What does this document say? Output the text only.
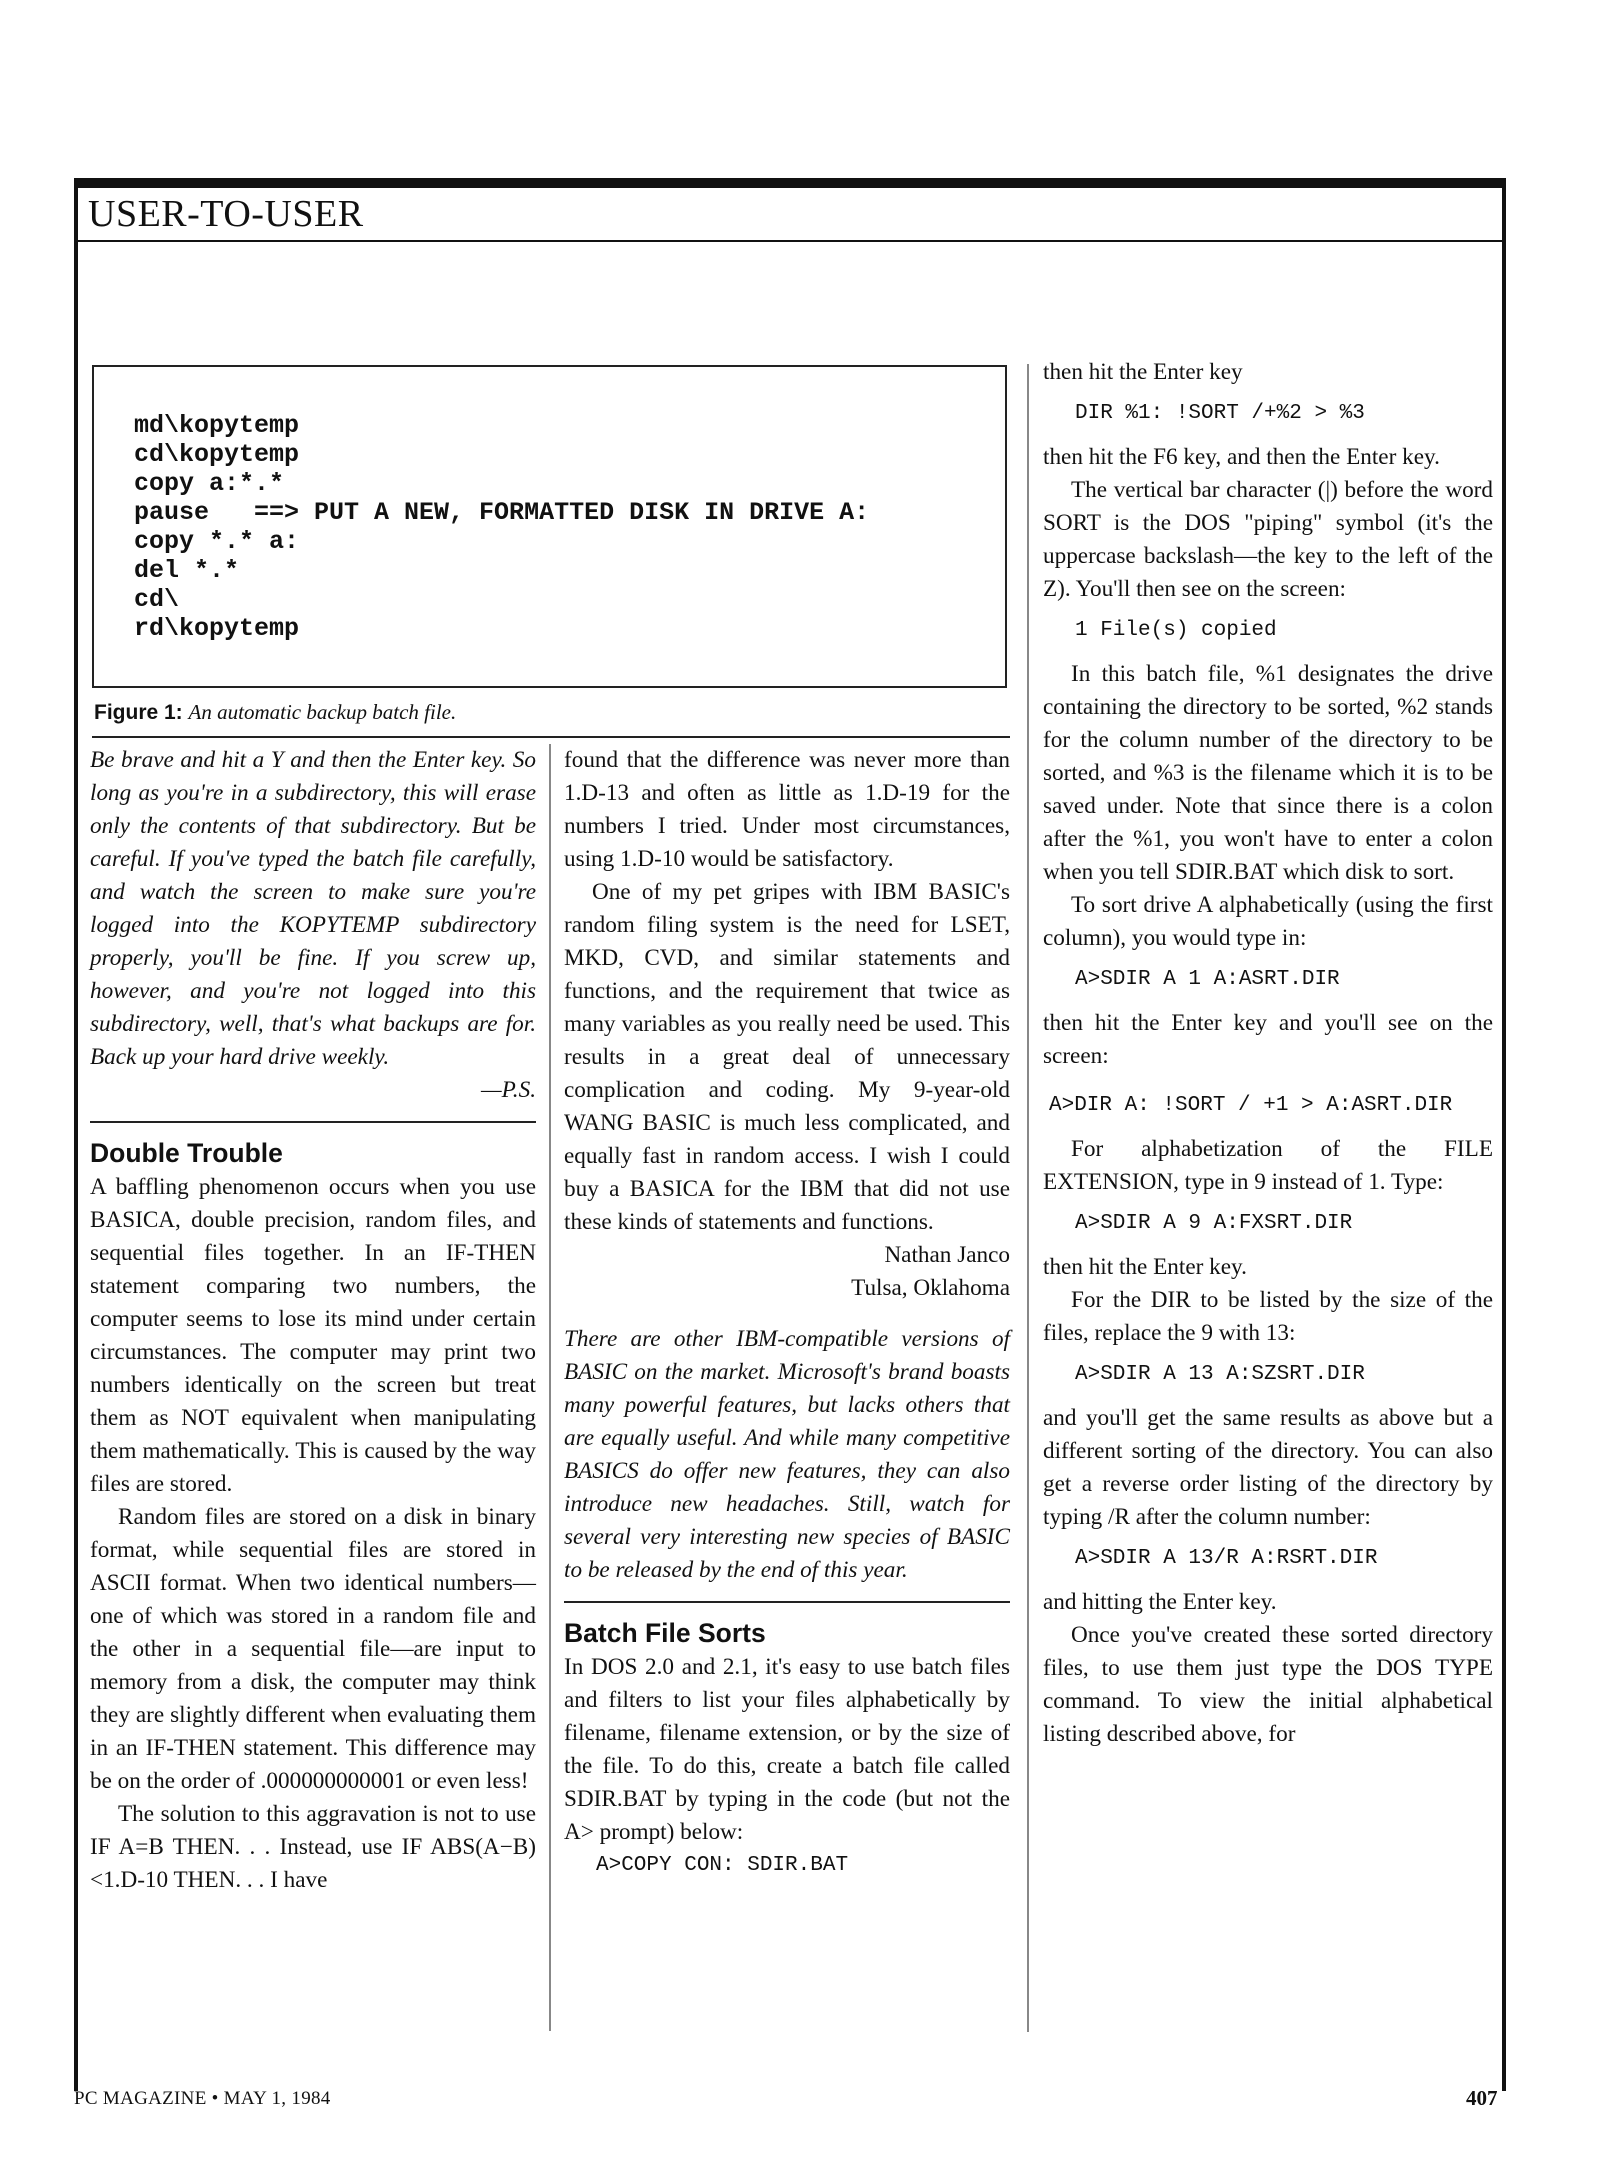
USER-TO-USER
md\kopytemp
cd\kopytemp
copy a:*.*
pause   ==> PUT A NEW, FORMATTED DISK IN DRIVE A:
copy *.* a:
del *.*
cd\
rd\kopytemp
Figure 1: An automatic backup batch file.

Be brave and hit a Y and then the Enter key. So long as you're in a subdirectory, this will erase only the contents of that subdirectory. But be careful. If you've typed the batch file carefully, and watch the screen to make sure you're logged into the KOPYTEMP subdirectory properly, you'll be fine. If you screw up, however, and you're not logged into this subdirectory, well, that's what backups are for. Back up your hard drive weekly.

—P.S.

Double Trouble

A baffling phenomenon occurs when you use BASICA, double precision, random files, and sequential files together. In an IF-THEN statement comparing two numbers, the computer seems to lose its mind under certain circumstances. The computer may print two numbers identically on the screen but treat them as NOT equivalent when manipulating them mathematically. This is caused by the way files are stored.

Random files are stored on a disk in binary format, while sequential files are stored in ASCII format. When two identical numbers—one of which was stored in a random file and the other in a sequential file—are input to memory from a disk, the computer may think they are slightly different when evaluating them in an IF-THEN statement. This difference may be on the order of .000000000001 or even less!

The solution to this aggravation is not to use IF A=B THEN. . . Instead, use IF ABS(A−B)<1.D-10 THEN. . . I have

found that the difference was never more than 1.D-13 and often as little as 1.D-19 for the numbers I tried. Under most circumstances, using 1.D-10 would be satisfactory.

One of my pet gripes with IBM BASIC's random filing system is the need for LSET, MKD, CVD, and similar statements and functions, and the requirement that twice as many variables as you really need be used. This results in a great deal of unnecessary complication and coding. My 9-year-old WANG BASIC is much less complicated, and equally fast in random access. I wish I could buy a BASICA for the IBM that did not use these kinds of statements and functions.

Nathan Janco

Tulsa, Oklahoma

There are other IBM-compatible versions of BASIC on the market. Microsoft's brand boasts many powerful features, but lacks others that are equally useful. And while many competitive BASICS do offer new features, they can also introduce new headaches. Still, watch for several very interesting new species of BASIC to be released by the end of this year.

Batch File Sorts

In DOS 2.0 and 2.1, it's easy to use batch files and filters to list your files alphabetically by filename, filename extension, or by the size of the file. To do this, create a batch file called SDIR.BAT by typing in the code (but not the A> prompt) below:

A>COPY CON: SDIR.BAT

then hit the Enter key

DIR %1: !SORT /+%2 > %3

then hit the F6 key, and then the Enter key.

The vertical bar character (|) before the word SORT is the DOS "piping" symbol (it's the uppercase backslash—the key to the left of the Z). You'll then see on the screen:

1 File(s) copied

In this batch file, %1 designates the drive containing the directory to be sorted, %2 stands for the column number of the directory to be sorted, and %3 is the filename which it is to be saved under. Note that since there is a colon after the %1, you won't have to enter a colon when you tell SDIR.BAT which disk to sort.

To sort drive A alphabetically (using the first column), you would type in:

A>SDIR A 1 A:ASRT.DIR

then hit the Enter key and you'll see on the screen:

A>DIR A: !SORT / +1 > A:ASRT.DIR

For alphabetization of the FILE EXTENSION, type in 9 instead of 1. Type:

A>SDIR A 9 A:FXSRT.DIR

then hit the Enter key.

For the DIR to be listed by the size of the files, replace the 9 with 13:

A>SDIR A 13 A:SZSRT.DIR

and you'll get the same results as above but a different sorting of the directory. You can also get a reverse order listing of the directory by typing /R after the column number:

A>SDIR A 13/R A:RSRT.DIR

and hitting the Enter key.

Once you've created these sorted directory files, to use them just type the DOS TYPE command. To view the initial alphabetical listing described above, for

PC MAGAZINE • MAY 1, 1984	407
